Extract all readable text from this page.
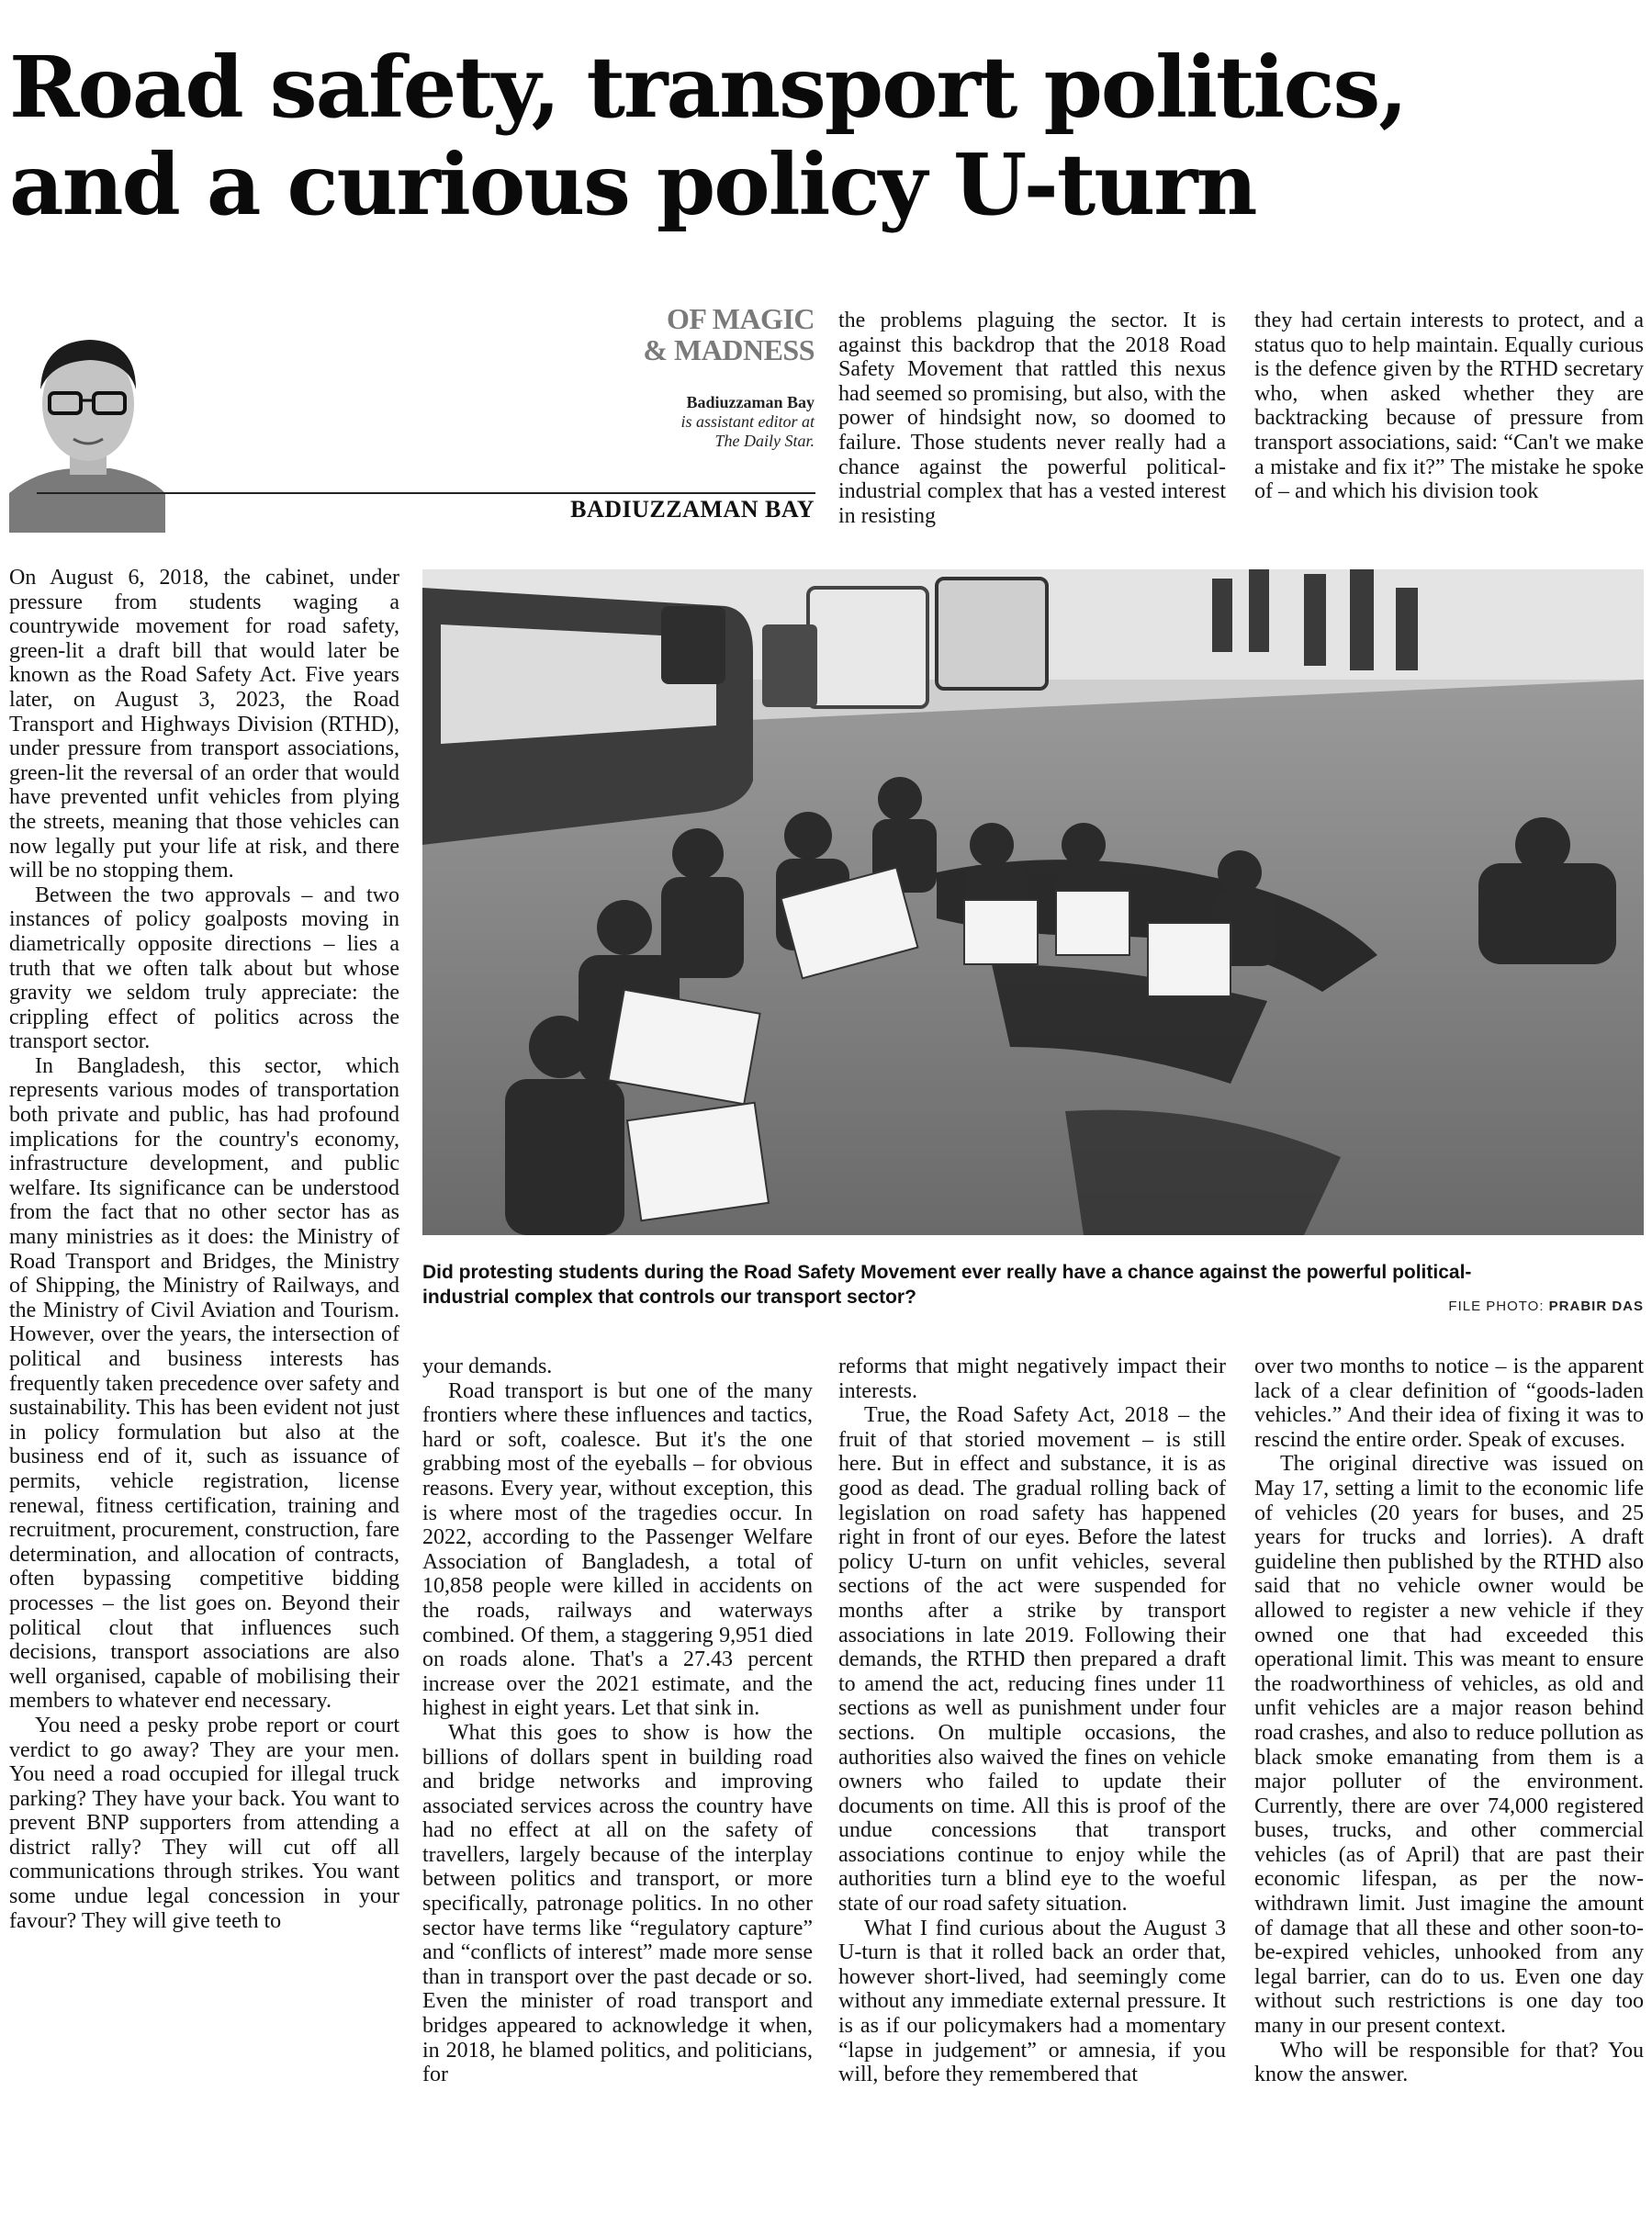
Road safety, transport politics,
and a curious policy U-turn
OF MAGIC
& MADNESS
Badiuzzaman Bay
is assistant editor at
The Daily Star.
BADIUZZAMAN BAY

On August 6, 2018, the cabinet, under pressure from students waging a countrywide movement for road safety, green-lit a draft bill that would later be known as the Road Safety Act. Five years later, on August 3, 2023, the Road Transport and Highways Division (RTHD), under pressure from transport associations, green-lit the reversal of an order that would have prevented unfit vehicles from plying the streets, meaning that those vehicles can now legally put your life at risk, and there will be no stopping them.

Between the two approvals – and two instances of policy goalposts moving in diametrically opposite directions – lies a truth that we often talk about but whose gravity we seldom truly appreciate: the crippling effect of politics across the transport sector.

In Bangladesh, this sector, which represents various modes of transportation both private and public, has had profound implications for the country's economy, infrastructure development, and public welfare. Its significance can be understood from the fact that no other sector has as many ministries as it does: the Ministry of Road Transport and Bridges, the Ministry of Shipping, the Ministry of Railways, and the Ministry of Civil Aviation and Tourism. However, over the years, the intersection of political and business interests has frequently taken precedence over safety and sustainability. This has been evident not just in policy formulation but also at the business end of it, such as issuance of permits, vehicle registration, license renewal, fitness certification, training and recruitment, procurement, construction, fare determination, and allocation of contracts, often bypassing competitive bidding processes – the list goes on. Beyond their political clout that influences such decisions, transport associations are also well organised, capable of mobilising their members to whatever end necessary.

You need a pesky probe report or court verdict to go away? They are your men. You need a road occupied for illegal truck parking? They have your back. You want to prevent BNP supporters from attending a district rally? They will cut off all communications through strikes. You want some undue legal concession in your favour? They will give teeth to

the problems plaguing the sector. It is against this backdrop that the 2018 Road Safety Movement that rattled this nexus had seemed so promising, but also, with the power of hindsight now, so doomed to failure. Those students never really had a chance against the powerful political-industrial complex that has a vested interest in resisting

they had certain interests to protect, and a status quo to help maintain. Equally curious is the defence given by the RTHD secretary who, when asked whether they are backtracking because of pressure from transport associations, said: “Can't we make a mistake and fix it?” The mistake he spoke of – and which his division took

Did protesting students during the Road Safety Movement ever really have a chance against the powerful political-industrial complex that controls our transport sector?	FILE PHOTO: PRABIR DAS

your demands.

Road transport is but one of the many frontiers where these influences and tactics, hard or soft, coalesce. But it's the one grabbing most of the eyeballs – for obvious reasons. Every year, without exception, this is where most of the tragedies occur. In 2022, according to the Passenger Welfare Association of Bangladesh, a total of 10,858 people were killed in accidents on the roads, railways and waterways combined. Of them, a staggering 9,951 died on roads alone. That's a 27.43 percent increase over the 2021 estimate, and the highest in eight years. Let that sink in.

What this goes to show is how the billions of dollars spent in building road and bridge networks and improving associated services across the country have had no effect at all on the safety of travellers, largely because of the interplay between politics and transport, or more specifically, patronage politics. In no other sector have terms like “regulatory capture” and “conflicts of interest” made more sense than in transport over the past decade or so. Even the minister of road transport and bridges appeared to acknowledge it when, in 2018, he blamed politics, and politicians, for

reforms that might negatively impact their interests.

True, the Road Safety Act, 2018 – the fruit of that storied movement – is still here. But in effect and substance, it is as good as dead. The gradual rolling back of legislation on road safety has happened right in front of our eyes. Before the latest policy U-turn on unfit vehicles, several sections of the act were suspended for months after a strike by transport associations in late 2019. Following their demands, the RTHD then prepared a draft to amend the act, reducing fines under 11 sections as well as punishment under four sections. On multiple occasions, the authorities also waived the fines on vehicle owners who failed to update their documents on time. All this is proof of the undue concessions that transport associations continue to enjoy while the authorities turn a blind eye to the woeful state of our road safety situation.

What I find curious about the August 3 U-turn is that it rolled back an order that, however short-lived, had seemingly come without any immediate external pressure. It is as if our policymakers had a momentary “lapse in judgement” or amnesia, if you will, before they remembered that

over two months to notice – is the apparent lack of a clear definition of “goods-laden vehicles.” And their idea of fixing it was to rescind the entire order. Speak of excuses.

The original directive was issued on May 17, setting a limit to the economic life of vehicles (20 years for buses, and 25 years for trucks and lorries). A draft guideline then published by the RTHD also said that no vehicle owner would be allowed to register a new vehicle if they owned one that had exceeded this operational limit. This was meant to ensure the roadworthiness of vehicles, as old and unfit vehicles are a major reason behind road crashes, and also to reduce pollution as black smoke emanating from them is a major polluter of the environment. Currently, there are over 74,000 registered buses, trucks, and other commercial vehicles (as of April) that are past their economic lifespan, as per the now-withdrawn limit. Just imagine the amount of damage that all these and other soon-to-be-expired vehicles, unhooked from any legal barrier, can do to us. Even one day without such restrictions is one day too many in our present context.

Who will be responsible for that? You know the answer.
